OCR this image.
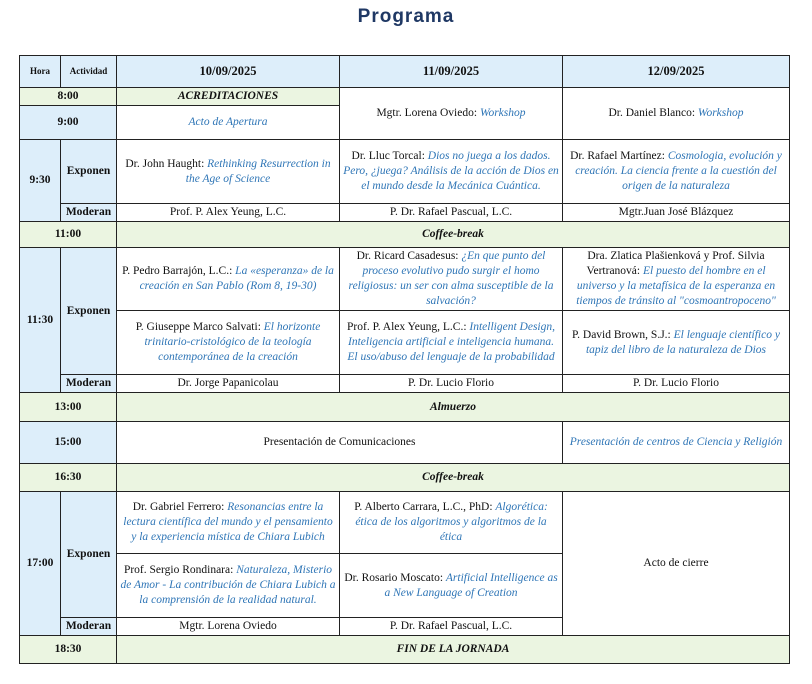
Programa
Hora	Actividad	10/09/2025	11/09/2025	12/09/2025
8:00		ACREDITACIONES	Mgtr. Lorena Oviedo: Workshop	Dr. Daniel Blanco: Workshop
9:00		Acto de Apertura		
9:30	Exponen	Dr. John Haught: Rethinking Resurrection in the Age of Science	Dr. Lluc Torcal: Dios no juega a los dados. Pero, ¿juega? Análisis de la acción de Dios en el mundo desde la Mecánica Cuántica.	Dr. Rafael Martínez: Cosmologia, evolución y creación. La ciencia frente a la cuestión del origen de la naturaleza
	Moderan	Prof. P. Alex Yeung, L.C.	P. Dr. Rafael Pascual, L.C.	Mgtr.Juan José Blázquez
11:00		Coffee-break		
11:30	Exponen	P. Pedro Barrajón, L.C.: La «esperanza» de la creación en San Pablo (Rom 8, 19-30)	Dr. Ricard Casadesus: ¿En que punto del proceso evolutivo pudo surgir el homo religiosus: un ser con alma susceptible de la salvación?	Dra. Zlatica Plašienková y Prof. Silvia Vertranová: El puesto del hombre en el universo y la metafísica de la esperanza en tiempos de tránsito al "cosmoantropoceno"
		P. Giuseppe Marco Salvati: El horizonte trinitario-cristológico de la teología contemporánea de la creación	Prof. P. Alex Yeung, L.C.: Intelligent Design, Inteligencia artificial e inteligencia humana. El uso/abuso del lenguaje de la probabilidad	P. David Brown, S.J.: El lenguaje científico y tapiz del libro de la naturaleza de Dios
	Moderan	Dr. Jorge Papanicolau	P. Dr. Lucio Florio	P. Dr. Lucio Florio
13:00		Almuerzo		
15:00		Presentación de Comunicaciones		Presentación de centros de Ciencia y Religión
16:30		Coffee-break		
17:00	Exponen	Dr. Gabriel Ferrero: Resonancias entre la lectura científica del mundo y el pensamiento y la experiencia mística de Chiara Lubich	P. Alberto Carrara, L.C., PhD: Algorética: ética de los algoritmos y algoritmos de la ética	Acto de cierre
		Prof. Sergio Rondinara: Naturaleza, Misterio de Amor - La contribución de Chiara Lubich a la comprensión de la realidad natural.	Dr. Rosario Moscato: Artificial Intelligence as a New Language of Creation	
	Moderan	Mgtr. Lorena Oviedo	P. Dr. Rafael Pascual, L.C.	
18:30		FIN DE LA JORNADA		
